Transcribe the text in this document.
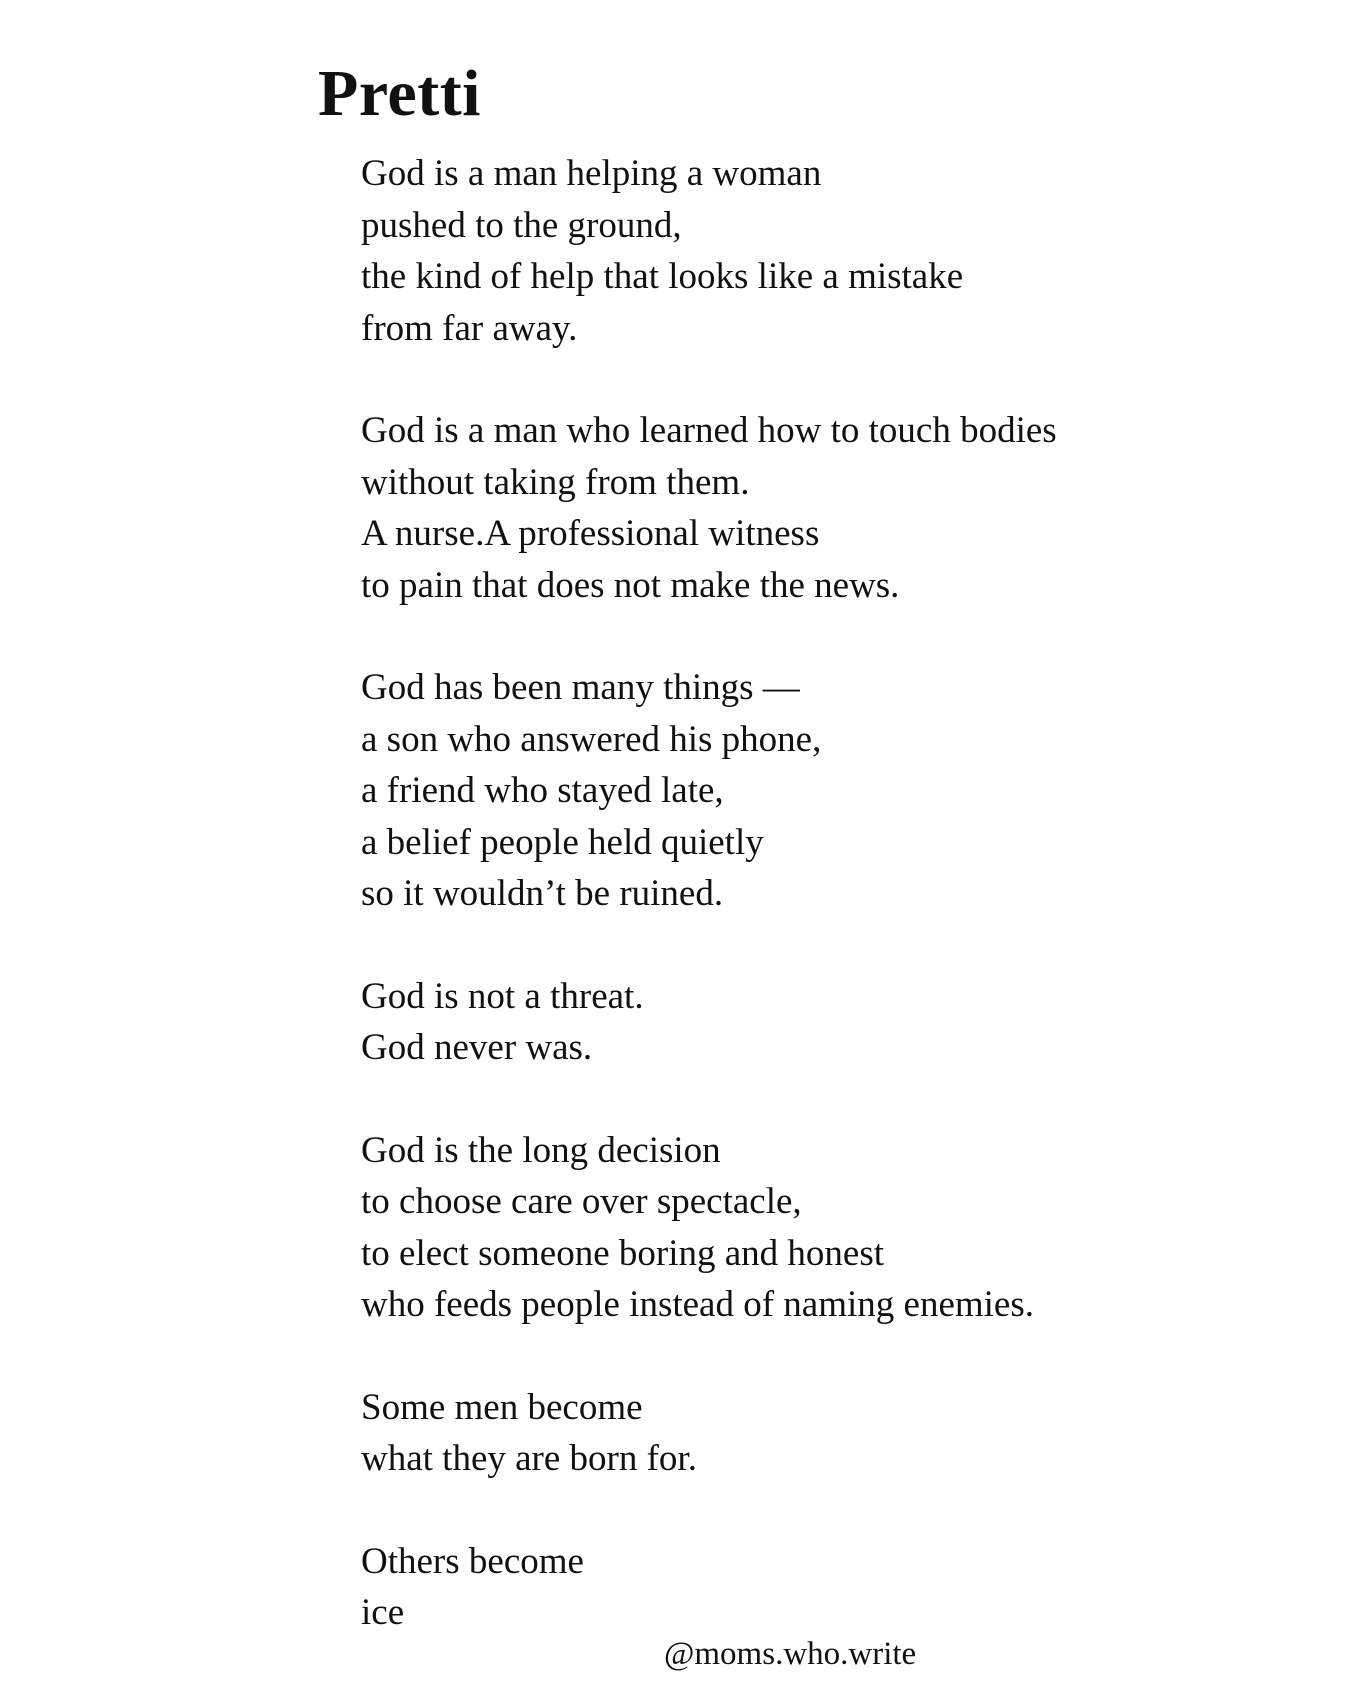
Pretti
God is a man helping a woman
pushed to the ground,
the kind of help that looks like a mistake
from far away.
God is a man who learned how to touch bodies
without taking from them.
A nurse.A professional witness
to pain that does not make the news.
God has been many things —
a son who answered his phone,
a friend who stayed late,
a belief people held quietly
so it wouldn’t be ruined.
God is not a threat.
God never was.
God is the long decision
to choose care over spectacle,
to elect someone boring and honest
who feeds people instead of naming enemies.
Some men become
what they are born for.
Others become
ice
@moms.who.write
